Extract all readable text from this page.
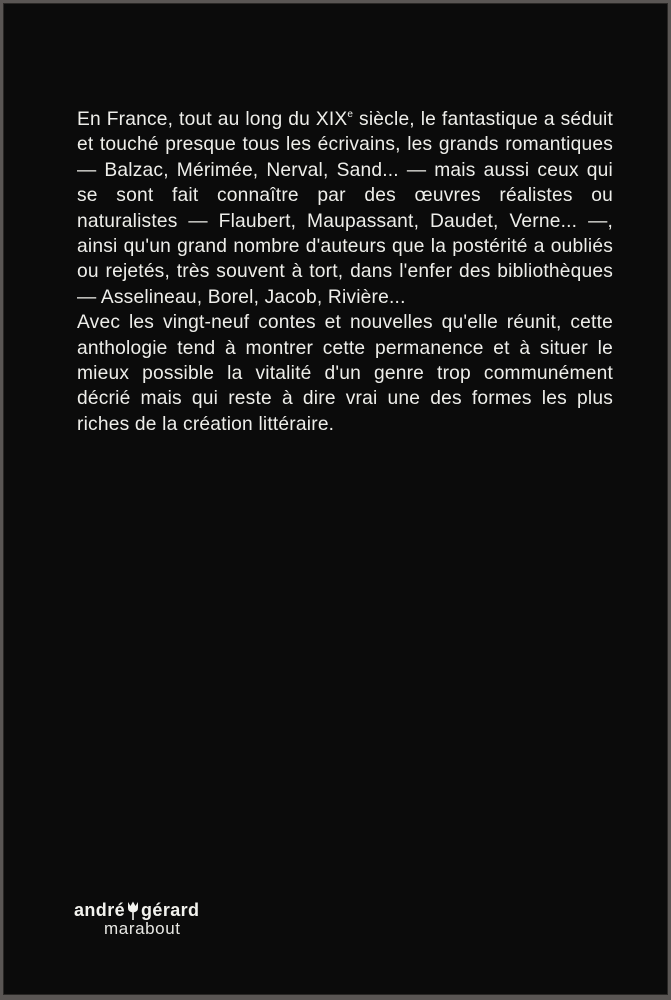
En France, tout au long du XIXe siècle, le fantastique a séduit et touché presque tous les écrivains, les grands romantiques — Balzac, Mérimée, Nerval, Sand... — mais aussi ceux qui se sont fait connaître par des œuvres réalistes ou naturalistes — Flaubert, Maupassant, Daudet, Verne... —, ainsi qu'un grand nombre d'auteurs que la postérité a oubliés ou rejetés, très souvent à tort, dans l'enfer des bibliothèques — Asselineau, Borel, Jacob, Rivière...

Avec les vingt-neuf contes et nouvelles qu'elle réunit, cette anthologie tend à montrer cette permanence et à situer le mieux possible la vitalité d'un genre trop communément décrié mais qui reste à dire vrai une des formes les plus riches de la création littéraire.

andré gérard
marabout
